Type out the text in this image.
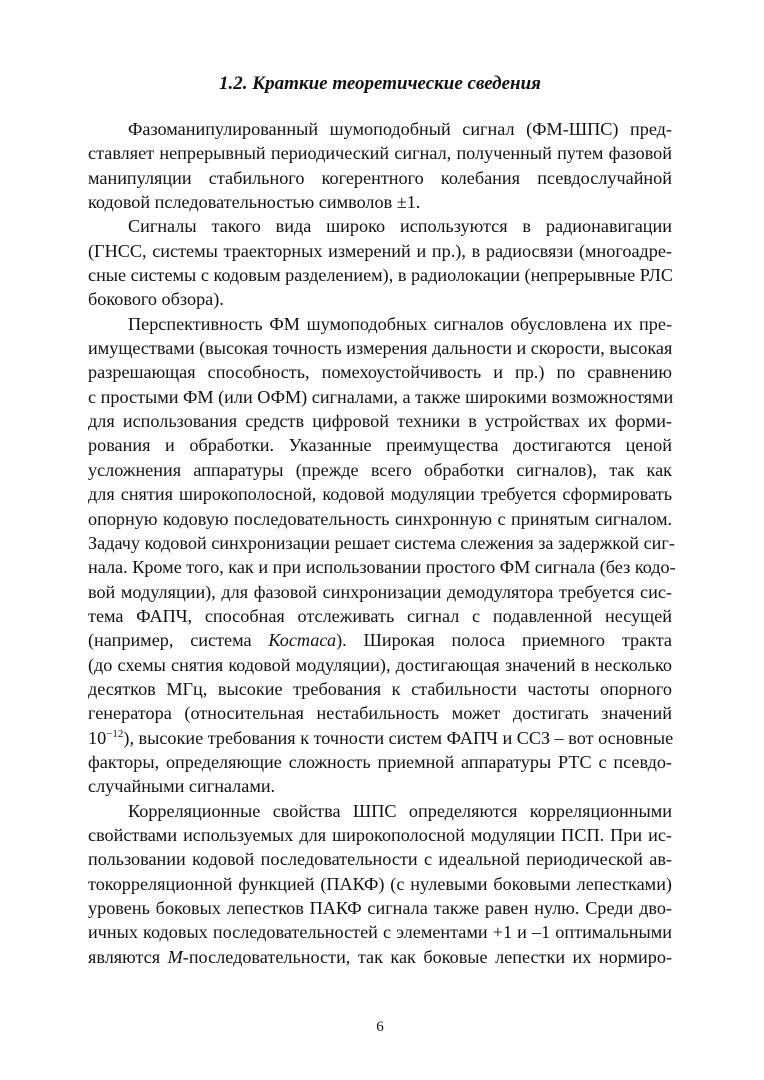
1.2. Краткие теоретические сведения
Фазоманипулированный шумоподобный сигнал (ФМ-ШПС) пред-
ставляет непрерывный периодический сигнал, полученный путем фазовой
манипуляции стабильного когерентного колебания псевдослучайной
кодовой пследовательностью символов ±1.
Сигналы такого вида широко используются в радионавигации
(ГНСС, системы траекторных измерений и пр.), в радиосвязи (многоадре-
сные системы с кодовым разделением), в радиолокации (непрерывные РЛС
бокового обзора).
Перспективность ФМ шумоподобных сигналов обусловлена их пре-
имуществами (высокая точность измерения дальности и скорости, высокая
разрешающая способность, помехоустойчивость и пр.) по сравнению
с простыми ФМ (или ОФМ) сигналами, а также широкими возможностями
для использования средств цифровой техники в устройствах их форми-
рования и обработки. Указанные преимущества достигаются ценой
усложнения аппаратуры (прежде всего обработки сигналов), так как
для снятия широкополосной, кодовой модуляции требуется сформировать
опорную кодовую последовательность синхронную с принятым сигналом.
Задачу кодовой синхронизации решает система слежения за задержкой сиг-
нала. Кроме того, как и при использовании простого ФМ сигнала (без кодо-
вой модуляции), для фазовой синхронизации демодулятора требуется сис-
тема ФАПЧ, способная отслеживать сигнал с подавленной несущей
(например, система Костаса). Широкая полоса приемного тракта
(до схемы снятия кодовой модуляции), достигающая значений в несколько
десятков МГц, высокие требования к стабильности частоты опорного
генератора (относительная нестабильность может достигать значений
$10^{-12}$), высокие требования к точности систем ФАПЧ и ССЗ – вот основные
факторы, определяющие сложность приемной аппаратуры РТС с псевдо-
случайными сигналами.
Корреляционные свойства ШПС определяются корреляционными
свойствами используемых для широкополосной модуляции ПСП. При ис-
пользовании кодовой последовательности с идеальной периодической ав-
токорреляционной функцией (ПАКФ) (с нулевыми боковыми лепестками)
уровень боковых лепестков ПАКФ сигнала также равен нулю. Среди дво-
ичных кодовых последовательностей с элементами +1 и –1 оптимальными
являются M-последовательности, так как боковые лепестки их нормиро-
6
